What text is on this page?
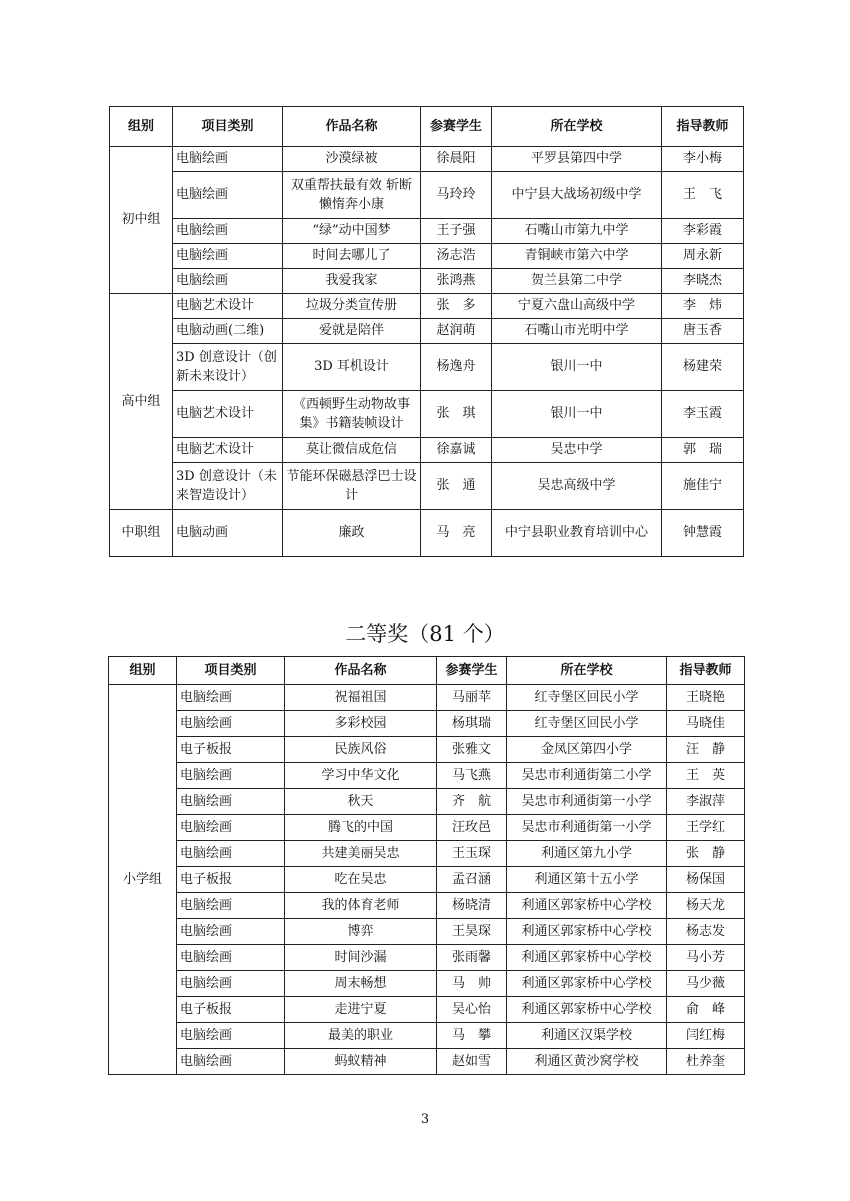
组别	项目类别	作品名称	参赛学生	所在学校	指导教师
初中组	电脑绘画	沙漠绿被	徐晨阳	平罗县第四中学	李小梅
	电脑绘画	双重帮扶最有效 斩断懒惰奔小康	马玲玲	中宁县大战场初级中学	王　飞
	电脑绘画	“绿”动中国梦	王子强	石嘴山市第九中学	李彩霞
	电脑绘画	时间去哪儿了	汤志浩	青铜峡市第六中学	周永新
	电脑绘画	我爱我家	张鸿燕	贺兰县第二中学	李晓杰
高中组	电脑艺术设计	垃圾分类宣传册	张　多	宁夏六盘山高级中学	李　炜
	电脑动画(二维)	爱就是陪伴	赵润萌	石嘴山市光明中学	唐玉香
	3D 创意设计（创新未来设计）	3D 耳机设计	杨逸舟	银川一中	杨建荣
	电脑艺术设计	《西顿野生动物故事集》书籍装帧设计	张　琪	银川一中	李玉霞
	电脑艺术设计	莫让微信成危信	徐嘉诚	吴忠中学	郭　瑞
	3D 创意设计（未来智造设计）	节能环保磁悬浮巴士设计	张　通	吴忠高级中学	施佳宁
中职组	电脑动画	廉政	马　亮	中宁县职业教育培训中心	钟慧霞
二等奖（81 个）
组别	项目类别	作品名称	参赛学生	所在学校	指导教师
小学组	电脑绘画	祝福祖国	马丽苹	红寺堡区回民小学	王晓艳
	电脑绘画	多彩校园	杨琪瑞	红寺堡区回民小学	马晓佳
	电子板报	民族风俗	张雅文	金凤区第四小学	汪　静
	电脑绘画	学习中华文化	马飞燕	吴忠市利通街第二小学	王　英
	电脑绘画	秋天	齐　航	吴忠市利通街第一小学	李淑萍
	电脑绘画	腾飞的中国	汪玫邑	吴忠市利通街第一小学	王学红
	电脑绘画	共建美丽吴忠	王玉琛	利通区第九小学	张　静
	电子板报	吃在吴忠	孟召涵	利通区第十五小学	杨保国
	电脑绘画	我的体育老师	杨晓清	利通区郭家桥中心学校	杨天龙
	电脑绘画	博弈	王昊琛	利通区郭家桥中心学校	杨志发
	电脑绘画	时间沙漏	张雨馨	利通区郭家桥中心学校	马小芳
	电脑绘画	周末畅想	马　帅	利通区郭家桥中心学校	马少薇
	电子板报	走进宁夏	吴心怡	利通区郭家桥中心学校	俞　峰
	电脑绘画	最美的职业	马　攀	利通区汉渠学校	闫红梅
	电脑绘画	蚂蚁精神	赵如雪	利通区黄沙窝学校	杜养奎
3
